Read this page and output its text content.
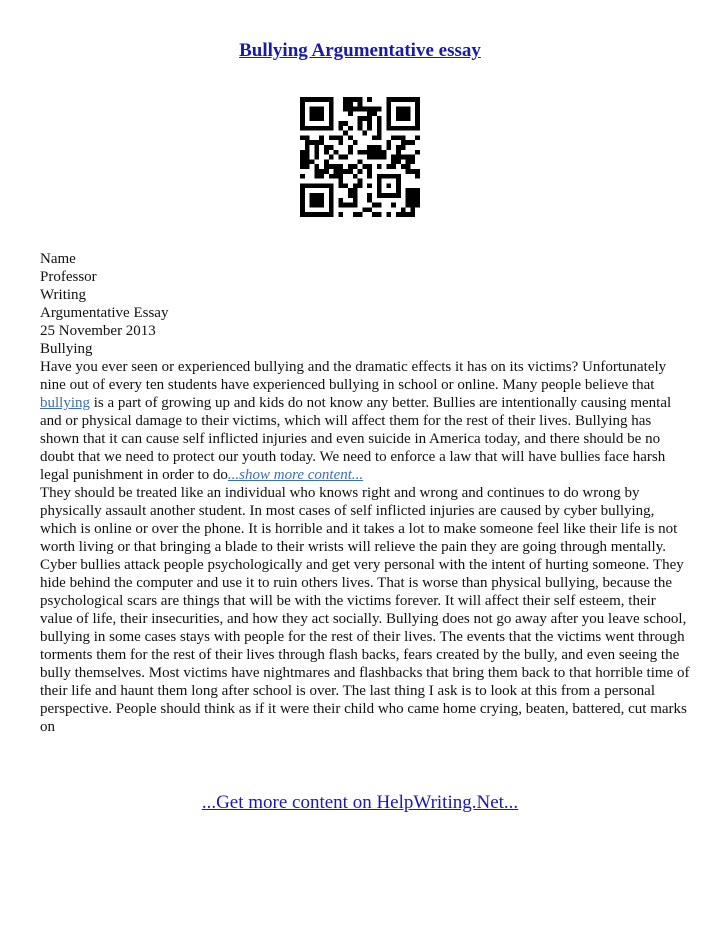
Bullying Argumentative essay

Name

Professor

Writing

Argumentative Essay

25 November 2013

Bullying

Have you ever seen or experienced bullying and the dramatic effects it has on its victims? Unfortunately nine out of every ten students have experienced bullying in school or online. Many people believe that bullying is a part of growing up and kids do not know any better. Bullies are intentionally causing mental and or physical damage to their victims, which will affect them for the rest of their lives. Bullying has shown that it can cause self inflicted injuries and even suicide in America today, and there should be no doubt that we need to protect our youth today. We need to enforce a law that will have bullies face harsh legal punishment in order to do...show more content...

They should be treated like an individual who knows right and wrong and continues to do wrong by physically assault another student. In most cases of self inflicted injuries are caused by cyber bullying, which is online or over the phone. It is horrible and it takes a lot to make someone feel like their life is not worth living or that bringing a blade to their wrists will relieve the pain they are going through mentally. Cyber bullies attack people psychologically and get very personal with the intent of hurting someone. They hide behind the computer and use it to ruin others lives. That is worse than physical bullying, because the psychological scars are things that will be with the victims forever. It will affect their self esteem, their value of life, their insecurities, and how they act socially. Bullying does not go away after you leave school, bullying in some cases stays with people for the rest of their lives. The events that the victims went through torments them for the rest of their lives through flash backs, fears created by the bully, and even seeing the bully themselves. Most victims have nightmares and flashbacks that bring them back to that horrible time of their life and haunt them long after school is over. The last thing I ask is to look at this from a personal perspective. People should think as if it were their child who came home crying, beaten, battered, cut marks on

...Get more content on HelpWriting.Net...
